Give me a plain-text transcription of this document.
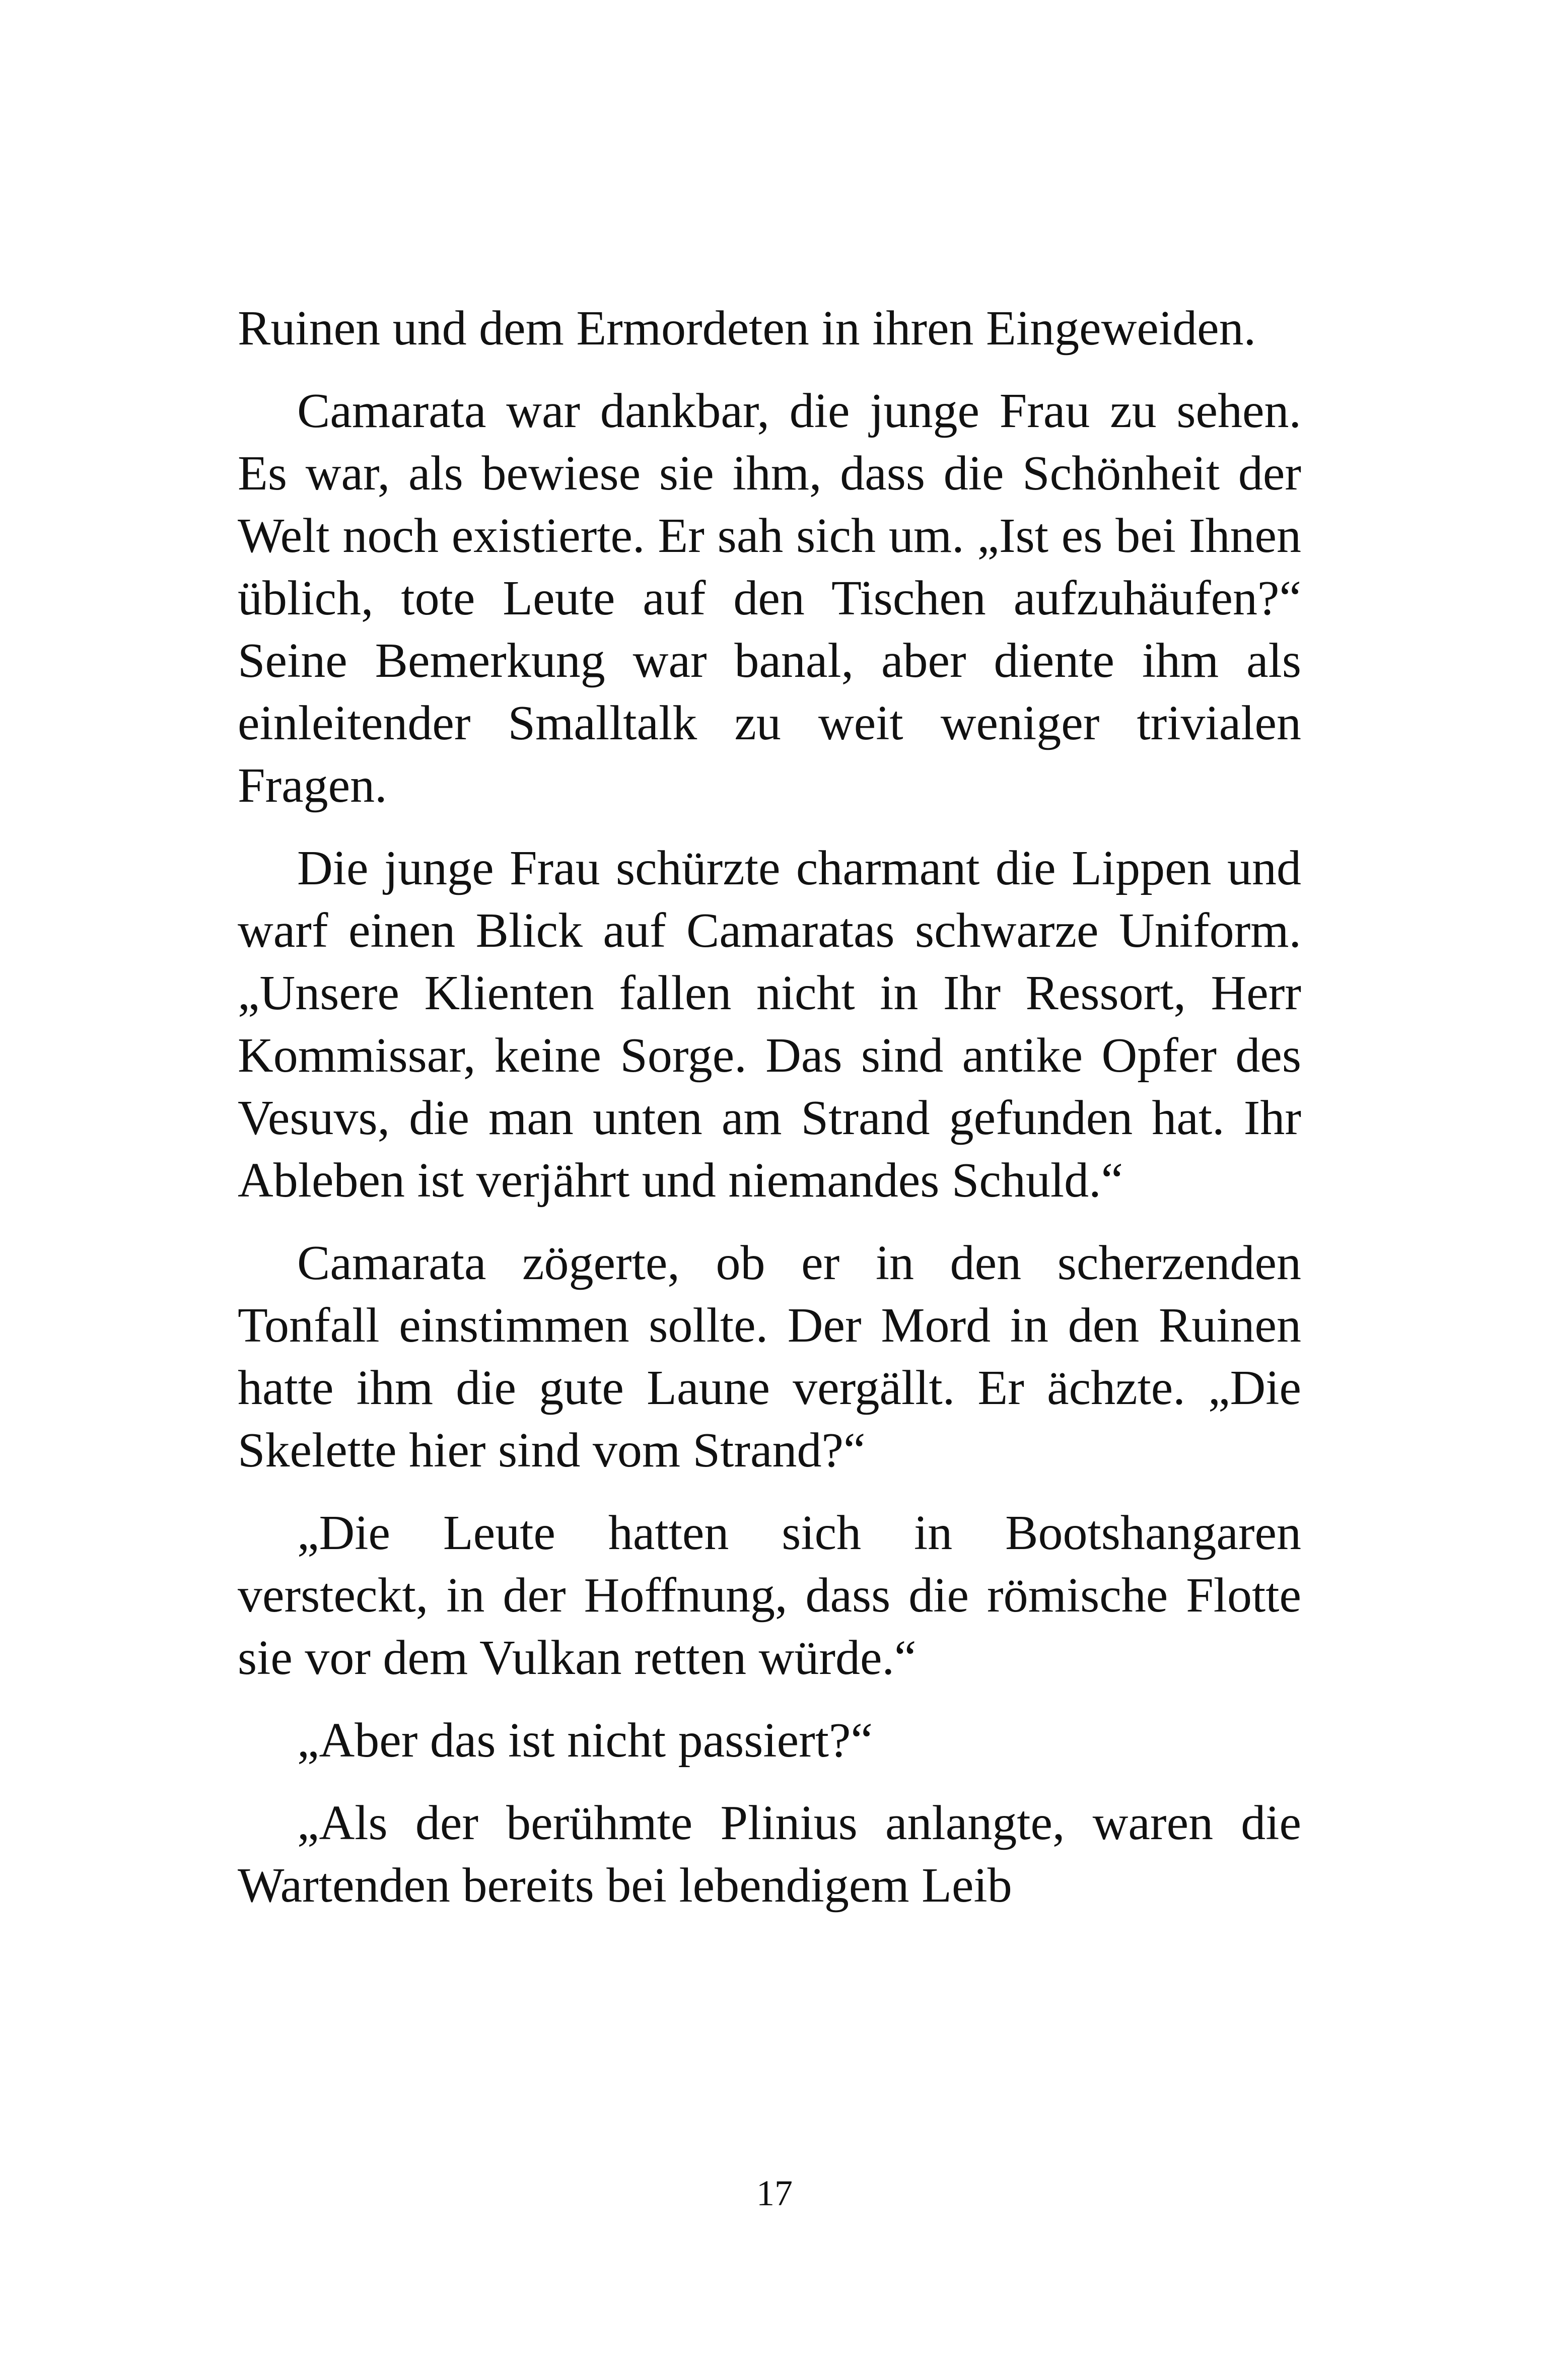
Ruinen und dem Ermordeten in ihren Eingeweiden.

Camarata war dankbar, die junge Frau zu sehen. Es war, als bewiese sie ihm, dass die Schönheit der Welt noch existierte. Er sah sich um. „Ist es bei Ihnen üblich, tote Leute auf den Tischen aufzuhäufen?“ Seine Bemerkung war banal, aber diente ihm als einleitender Smalltalk zu weit weniger trivialen Fragen.

Die junge Frau schürzte charmant die Lippen und warf einen Blick auf Camaratas schwarze Uniform. „Unsere Klienten fallen nicht in Ihr Ressort, Herr Kommissar, keine Sorge. Das sind antike Opfer des Vesuvs, die man unten am Strand gefunden hat. Ihr Ableben ist verjährt und niemandes Schuld.“

Camarata zögerte, ob er in den scherzenden Tonfall einstimmen sollte. Der Mord in den Ruinen hatte ihm die gute Laune vergällt. Er ächzte. „Die Skelette hier sind vom Strand?“

„Die Leute hatten sich in Bootshangaren versteckt, in der Hoffnung, dass die römische Flotte sie vor dem Vulkan retten würde.“

„Aber das ist nicht passiert?“

„Als der berühmte Plinius anlangte, waren die Wartenden bereits bei lebendigem Leib

17
